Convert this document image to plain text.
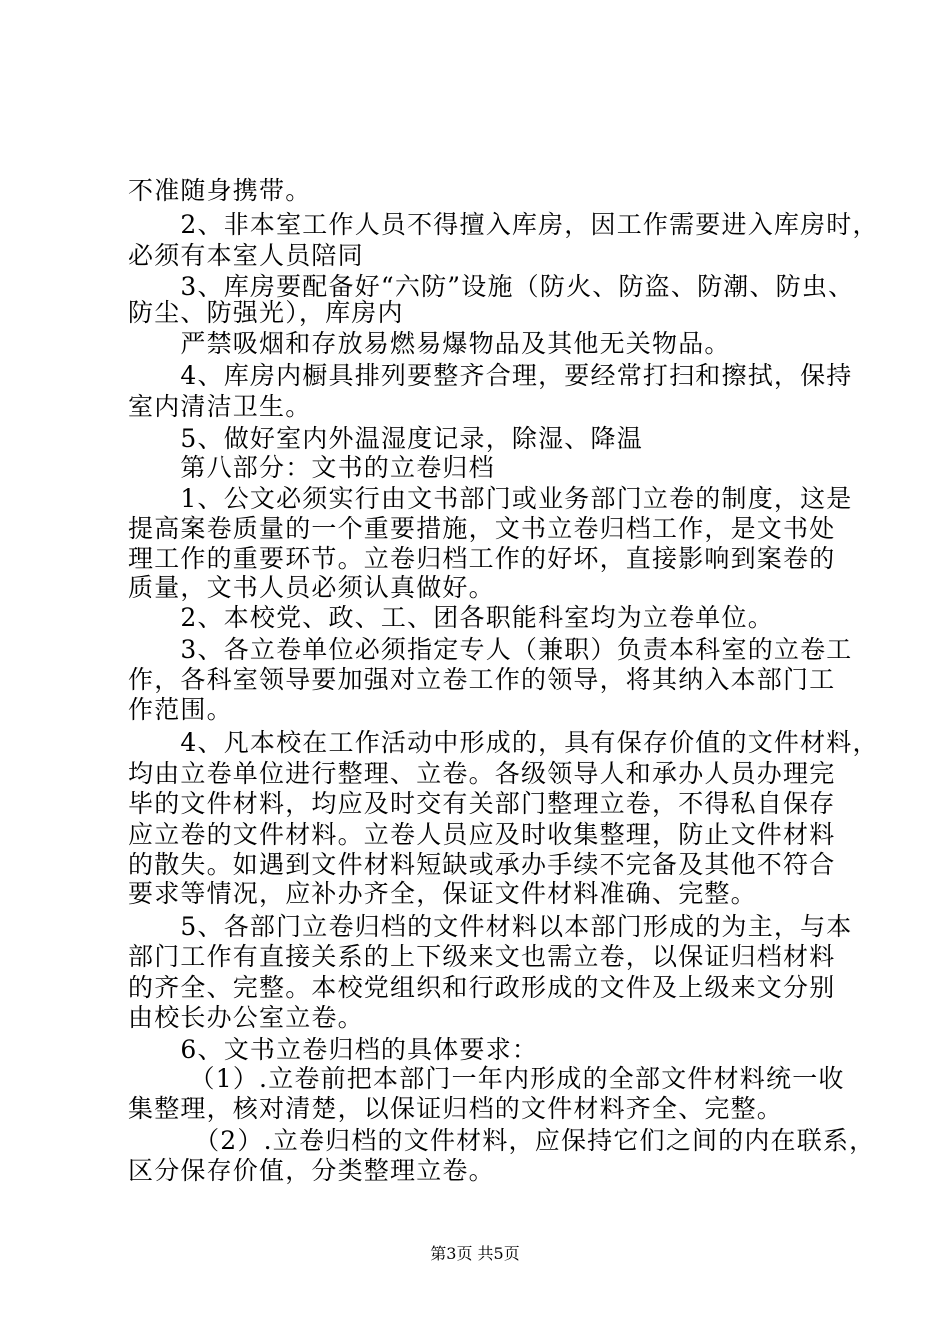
不准随身携带。
　　2、非本室工作人员不得擅入库房，因工作需要进入库房时，
必须有本室人员陪同
　　3、库房要配备好“六防”设施（防火、防盗、防潮、防虫、
防尘、防强光），库房内
　　严禁吸烟和存放易燃易爆物品及其他无关物品。
　　4、库房内橱具排列要整齐合理，要经常打扫和擦拭，保持
室内清洁卫生。
　　5、做好室内外温湿度记录，除湿、降温
　　第八部分：文书的立卷归档
　　1、公文必须实行由文书部门或业务部门立卷的制度，这是
提高案卷质量的一个重要措施，文书立卷归档工作，是文书处
理工作的重要环节。立卷归档工作的好坏，直接影响到案卷的
质量，文书人员必须认真做好。
　　2、本校党、政、工、团各职能科室均为立卷单位。
　　3、各立卷单位必须指定专人（兼职）负责本科室的立卷工
作，各科室领导要加强对立卷工作的领导，将其纳入本部门工
作范围。
　　4、凡本校在工作活动中形成的，具有保存价值的文件材料，
均由立卷单位进行整理、立卷。各级领导人和承办人员办理完
毕的文件材料，均应及时交有关部门整理立卷，不得私自保存
应立卷的文件材料。立卷人员应及时收集整理，防止文件材料
的散失。如遇到文件材料短缺或承办手续不完备及其他不符合
要求等情况，应补办齐全，保证文件材料准确、完整。
　　5、各部门立卷归档的文件材料以本部门形成的为主，与本
部门工作有直接关系的上下级来文也需立卷，以保证归档材料
的齐全、完整。本校党组织和行政形成的文件及上级来文分别
由校长办公室立卷。
　　6、文书立卷归档的具体要求：
　　 （1）.立卷前把本部门一年内形成的全部文件材料统一收
集整理，核对清楚，以保证归档的文件材料齐全、完整。
　　　（2）.立卷归档的文件材料，应保持它们之间的内在联系，
区分保存价值，分类整理立卷。
第3页 共5页
